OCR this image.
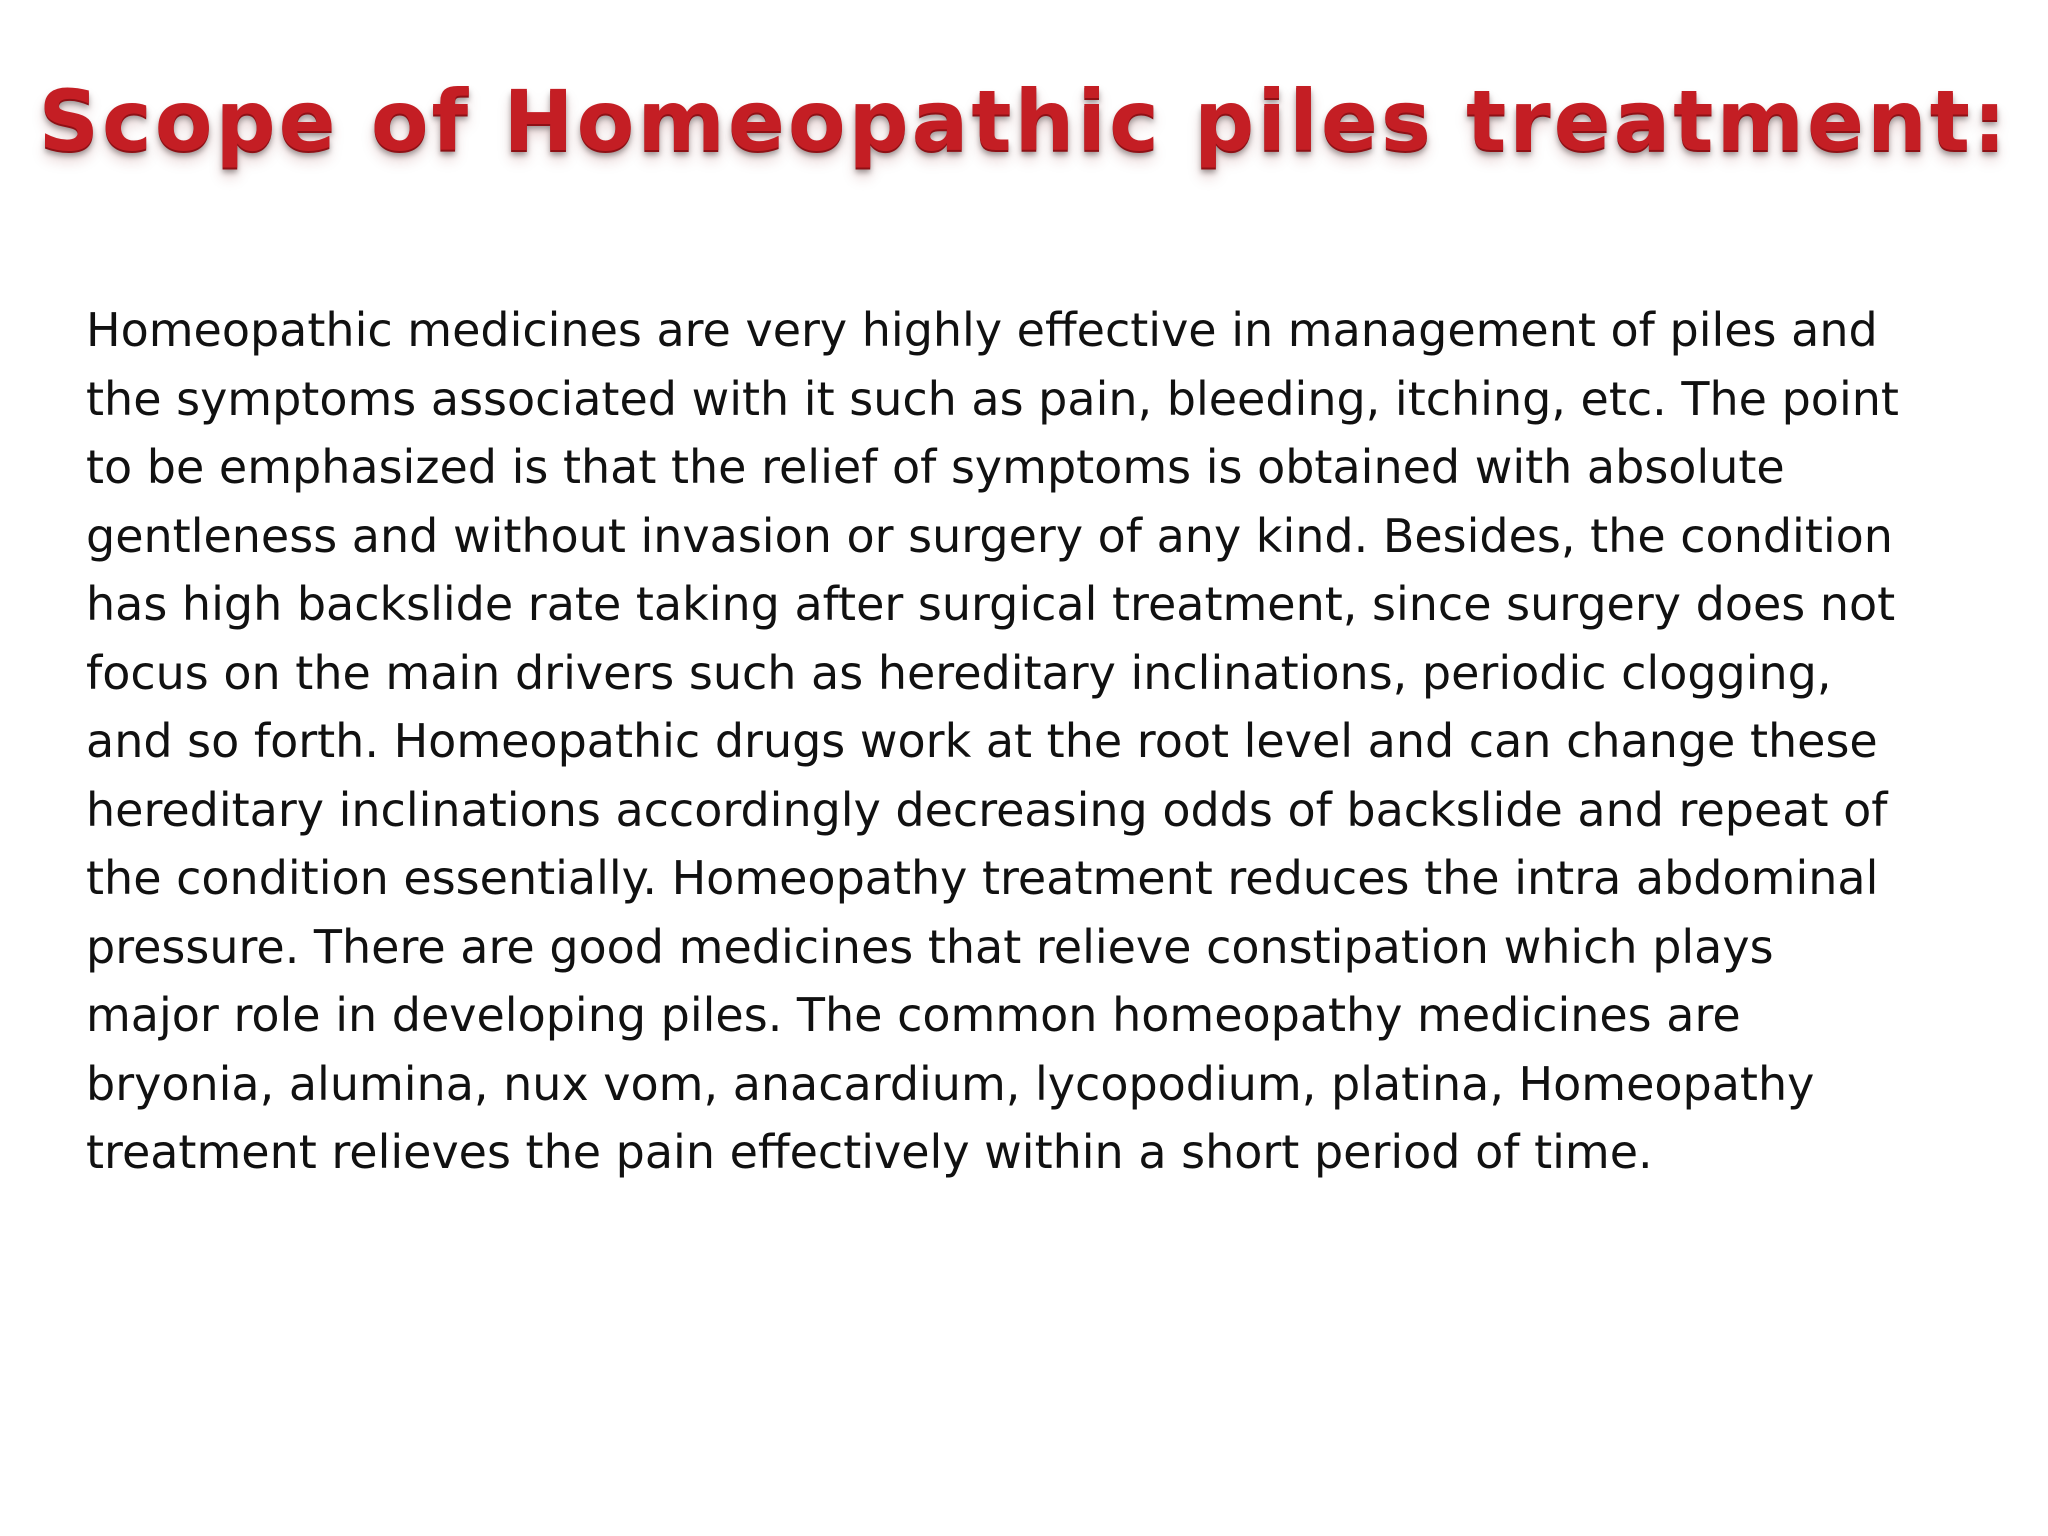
Scope of Homeopathic piles treatment:

Homeopathic medicines are very highly effective in management of piles and
the symptoms associated with it such as pain, bleeding, itching, etc. The point
to be emphasized is that the relief of symptoms is obtained with absolute
gentleness and without invasion or surgery of any kind. Besides, the condition
has high backslide rate taking after surgical treatment, since surgery does not
focus on the main drivers such as hereditary inclinations, periodic clogging,
and so forth. Homeopathic drugs work at the root level and can change these
hereditary inclinations accordingly decreasing odds of backslide and repeat of
the condition essentially. Homeopathy treatment reduces the intra abdominal
pressure. There are good medicines that relieve constipation which plays
major role in developing piles. The common homeopathy medicines are
bryonia, alumina, nux vom, anacardium, lycopodium, platina, Homeopathy
treatment relieves the pain effectively within a short period of time.
